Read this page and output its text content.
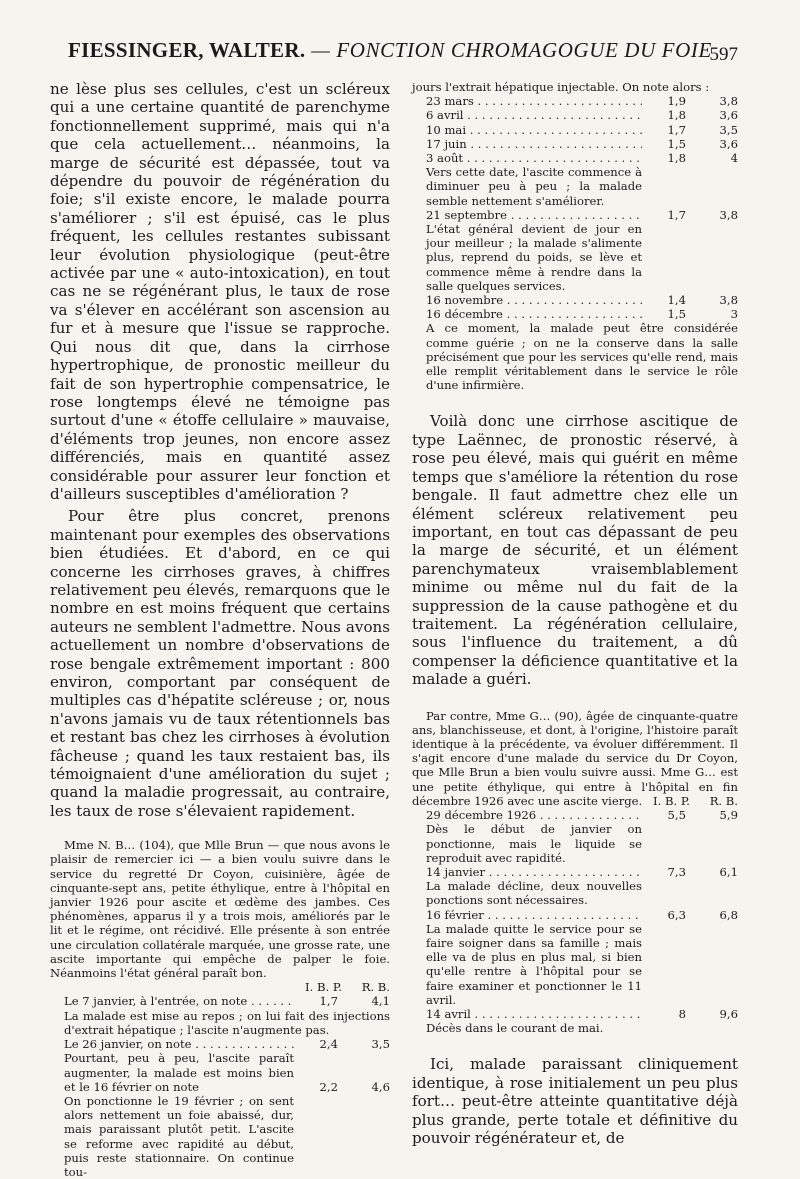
FIESSINGER, WALTER. — FONCTION CHROMAGOGUE DU FOIE
597

ne lèse plus ses cellules, c'est un scléreux qui a une certaine quantité de parenchyme fonctionnellement supprimé, mais qui n'a que cela actuellement… néanmoins, la marge de sécurité est dépassée, tout va dépendre du pouvoir de régénération du foie; s'il existe encore, le malade pourra s'améliorer ; s'il est épuisé, cas le plus fréquent, les cellules restantes subissant leur évolution physiologique (peut-être activée par une « auto-intoxication), en tout cas ne se régénérant plus, le taux de rose va s'élever en accélérant son ascension au fur et à mesure que l'issue se rapproche. Qui nous dit que, dans la cirrhose hypertrophique, de pronostic meilleur du fait de son hypertrophie compensatrice, le rose longtemps élevé ne témoigne pas surtout d'une « étoffe cellulaire » mauvaise, d'éléments trop jeunes, non encore assez différenciés, mais en quantité assez considérable pour assurer leur fonction et d'ailleurs susceptibles d'amélioration ?

Pour être plus concret, prenons maintenant pour exemples des observations bien étudiées. Et d'abord, en ce qui concerne les cirrhoses graves, à chiffres relativement peu élevés, remarquons que le nombre en est moins fréquent que certains auteurs ne semblent l'admettre. Nous avons actuellement un nombre d'observations de rose bengale extrêmement important : 800 environ, comportant par conséquent de multiples cas d'hépatite scléreuse ; or, nous n'avons jamais vu de taux rétentionnels bas et restant bas chez les cirrhoses à évolution fâcheuse ; quand les taux restaient bas, ils témoignaient d'une amélioration du sujet ; quand la maladie progressait, au contraire, les taux de rose s'élevaient rapidement.

Mme N. B… (104), que Mlle Brun — que nous avons le plaisir de remercier ici — a bien voulu suivre dans le service du regretté Dr Coyon, cuisinière, âgée de cinquante-sept ans, petite éthylique, entre à l'hôpital en janvier 1926 pour ascite et œdème des jambes. Ces phénomènes, apparus il y a trois mois, améliorés par le lit et le régime, ont récidivé. Elle présente à son entrée une circulation collatérale marquée, une grosse rate, une ascite importante qui empêche de palper le foie. Néanmoins l'état général paraît bon.

I. B. P.	R. B.
Le 7 janvier, à l'entrée, on note . . .	1,7	4,1

La malade est mise au repos ; on lui fait des injections d'extrait hépatique ; l'ascite n'augmente pas.

Le 26 janvier, on note . . .	2,4	3,5
Pourtant, peu à peu, l'ascite paraît augmenter, la malade est moins bien et le 16 février on note	2,2	4,6

On ponctionne le 19 février ; on sent alors nettement un foie abaissé, dur, mais paraissant plutôt petit. L'ascite se reforme avec rapidité au début, puis reste stationnaire. On continue tou-

jours l'extrait hépatique injectable. On note alors :

23 mars . . .	1,9	3,8
6 avril . . .	1,8	3,6
10 mai . . .	1,7	3,5
17 juin . . .	1,5	3,6
3 août . . .	1,8	4

Vers cette date, l'ascite commence à diminuer peu à peu ; la malade semble nettement s'améliorer.

21 septembre . . .	1,7	3,8

L'état général devient de jour en jour meilleur ; la malade s'alimente plus, reprend du poids, se lève et commence même à rendre dans la salle quelques services.

16 novembre . . .	1,4	3,8
16 décembre . . .	1,5	3

A ce moment, la malade peut être considérée comme guérie ; on ne la conserve dans la salle précisément que pour les services qu'elle rend, mais elle remplit véritablement dans le service le rôle d'une infirmière.

Voilà donc une cirrhose ascitique de type Laënnec, de pronostic réservé, à rose peu élevé, mais qui guérit en même temps que s'améliore la rétention du rose bengale. Il faut admettre chez elle un élément scléreux relativement peu important, en tout cas dépassant de peu la marge de sécurité, et un élément parenchymateux vraisemblablement minime ou même nul du fait de la suppression de la cause pathogène et du traitement. La régénération cellulaire, sous l'influence du traitement, a dû compenser la déficience quantitative et la malade a guéri.

Par contre, Mme G… (90), âgée de cinquante-quatre ans, blanchisseuse, et dont, à l'origine, l'histoire paraît identique à la précédente, va évoluer différemment. Il s'agit encore d'une malade du service du Dr Coyon, que Mlle Brun a bien voulu suivre aussi. Mme G… est une petite éthylique, qui entre à l'hôpital en fin décembre 1926 avec une ascite vierge. I. B. P.	R. B.
29 décembre 1926 . . .	5,5	5,9

Dès le début de janvier on ponctionne, mais le liquide se reproduit avec rapidité.

14 janvier . . .	7,3	6,1

La malade décline, deux nouvelles ponctions sont nécessaires.

16 février . . .	6,3	6,8

La malade quitte le service pour se faire soigner dans sa famille ; mais elle va de plus en plus mal, si bien qu'elle rentre à l'hôpital pour se faire examiner et ponctionner le 11 avril.

14 avril . . .	8	9,6

Décès dans le courant de mai.

Ici, malade paraissant cliniquement identique, à rose initialement un peu plus fort… peut-être atteinte quantitative déjà plus grande, perte totale et définitive du pouvoir régénérateur et, de
